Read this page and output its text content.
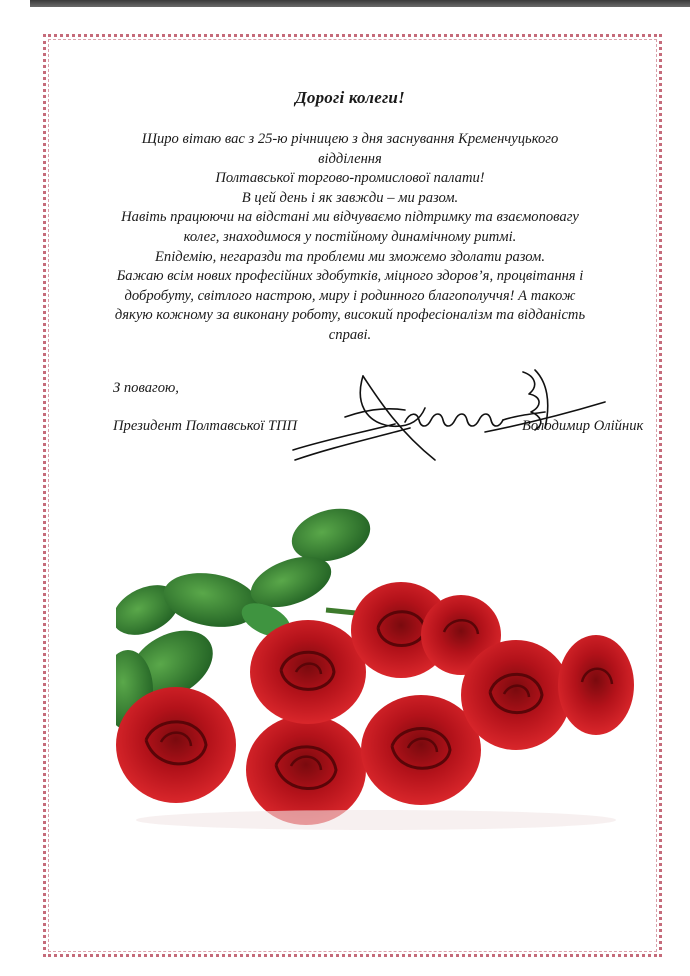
Дорогі колеги!

Щиро вітаю вас з 25-ю річницею з дня заснування Кременчуцького відділення

Полтавської торгово-промислової палати!

В цей день і як завжди – ми разом.

Навіть працюючи на відстані ми відчуваємо підтримку та взаємоповагу

колег, знаходимося у постійному динамічному ритмі.

Епідемію, негаразди та проблеми ми зможемо здолати разом.

Бажаю всім нових професійних здобутків, міцного здоров’я, процвітання і

добробуту, світлого настрою, миру і родинного благополуччя! А також

дякую кожному за виконану роботу, високий професіоналізм та відданість

справі.

З повагою,
Президент Полтавської ТПП	Володимир Олійник
